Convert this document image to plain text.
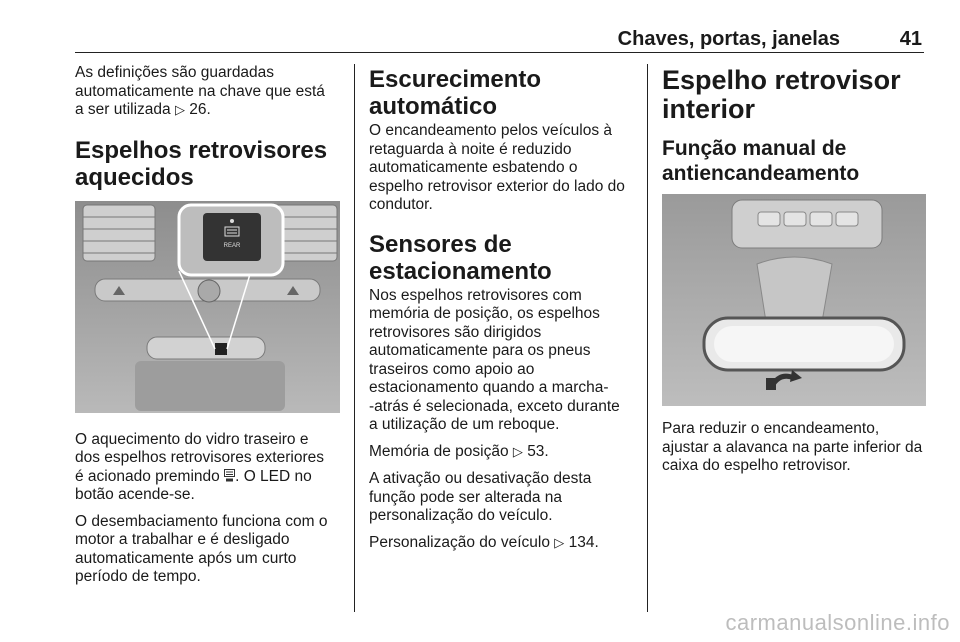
Chaves, portas, janelas	41

As definições são guardadas
automaticamente na chave que está
a ser utilizada ▷ 26.

Espelhos retrovisores
aquecidos
REAR

O aquecimento do vidro traseiro e
dos espelhos retrovisores exteriores
é acionado premindo . O LED no
botão acende-se.

O desembaciamento funciona com o
motor a trabalhar e é desligado
automaticamente após um curto
período de tempo.

Escurecimento automático

O encandeamento pelos veículos à
retaguarda à noite é reduzido
automaticamente esbatendo o
espelho retrovisor exterior do lado do
condutor.

Sensores de
estacionamento

Nos espelhos retrovisores com
memória de posição, os espelhos
retrovisores são dirigidos
automaticamente para os pneus
traseiros como apoio ao
estacionamento quando a marcha-
-atrás é selecionada, exceto durante
a utilização de um reboque.

Memória de posição ▷ 53.

A ativação ou desativação desta
função pode ser alterada na
personalização do veículo.

Personalização do veículo ▷ 134.

Espelho retrovisor
interior
Função manual de
antiencandeamento

Para reduzir o encandeamento,
ajustar a alavanca na parte inferior da
caixa do espelho retrovisor.

carmanualsonline.info
